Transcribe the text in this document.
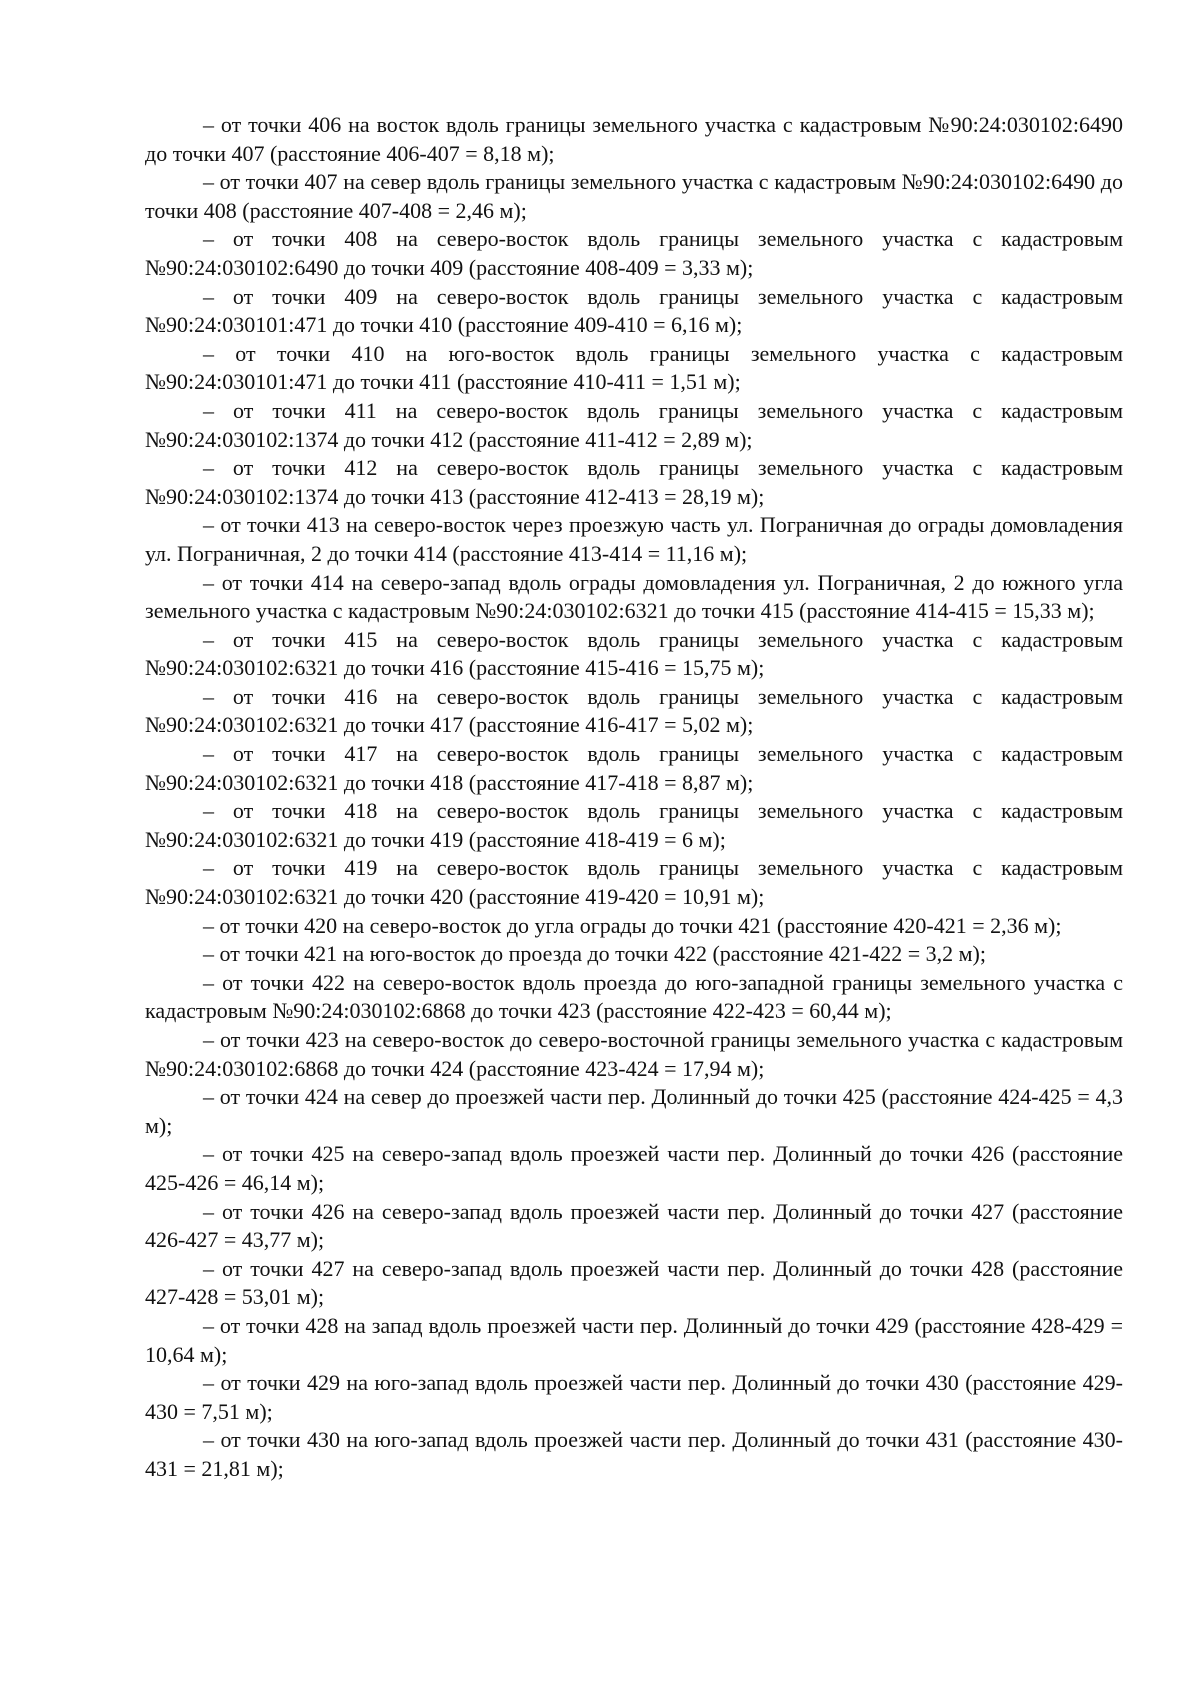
– от точки 406 на восток вдоль границы земельного участка с кадастровым №90:24:030102:6490 до точки 407 (расстояние 406-407 = 8,18 м);

– от точки 407 на север вдоль границы земельного участка с кадастровым №90:24:030102:6490 до точки 408 (расстояние 407-408 = 2,46 м);

– от точки 408 на северо-восток вдоль границы земельного участка с кадастровым №90:24:030102:6490 до точки 409 (расстояние 408-409 = 3,33 м);

– от точки 409 на северо-восток вдоль границы земельного участка с кадастровым №90:24:030101:471 до точки 410 (расстояние 409-410 = 6,16 м);

– от точки 410 на юго-восток вдоль границы земельного участка с кадастровым №90:24:030101:471 до точки 411 (расстояние 410-411 = 1,51 м);

– от точки 411 на северо-восток вдоль границы земельного участка с кадастровым №90:24:030102:1374 до точки 412 (расстояние 411-412 = 2,89 м);

– от точки 412 на северо-восток вдоль границы земельного участка с кадастровым №90:24:030102:1374 до точки 413 (расстояние 412-413 = 28,19 м);

– от точки 413 на северо-восток через проезжую часть ул. Пограничная до ограды домовладения ул. Пограничная, 2 до точки 414 (расстояние 413-414 = 11,16 м);

– от точки 414 на северо-запад вдоль ограды домовладения ул. Пограничная, 2 до южного угла земельного участка с кадастровым №90:24:030102:6321 до точки 415 (расстояние 414-415 = 15,33 м);

– от точки 415 на северо-восток вдоль границы земельного участка с кадастровым №90:24:030102:6321 до точки 416 (расстояние 415-416 = 15,75 м);

– от точки 416 на северо-восток вдоль границы земельного участка с кадастровым №90:24:030102:6321 до точки 417 (расстояние 416-417 = 5,02 м);

– от точки 417 на северо-восток вдоль границы земельного участка с кадастровым №90:24:030102:6321 до точки 418 (расстояние 417-418 = 8,87 м);

– от точки 418 на северо-восток вдоль границы земельного участка с кадастровым №90:24:030102:6321 до точки 419 (расстояние 418-419 = 6 м);

– от точки 419 на северо-восток вдоль границы земельного участка с кадастровым №90:24:030102:6321 до точки 420 (расстояние 419-420 = 10,91 м);

– от точки 420 на северо-восток до угла ограды до точки 421 (расстояние 420-421 = 2,36 м);

– от точки 421 на юго-восток до проезда до точки 422 (расстояние 421-422 = 3,2 м);

– от точки 422 на северо-восток вдоль проезда до юго-западной границы земельного участка с кадастровым №90:24:030102:6868 до точки 423 (расстояние 422-423 = 60,44 м);

– от точки 423 на северо-восток до северо-восточной границы земельного участка с кадастровым №90:24:030102:6868 до точки 424 (расстояние 423-424 = 17,94 м);

– от точки 424 на север до проезжей части пер. Долинный до точки 425 (расстояние 424-425 = 4,3 м);

– от точки 425 на северо-запад вдоль проезжей части пер. Долинный до точки 426 (расстояние 425-426 = 46,14 м);

– от точки 426 на северо-запад вдоль проезжей части пер. Долинный до точки 427 (расстояние 426-427 = 43,77 м);

– от точки 427 на северо-запад вдоль проезжей части пер. Долинный до точки 428 (расстояние 427-428 = 53,01 м);

– от точки 428 на запад вдоль проезжей части пер. Долинный до точки 429 (расстояние 428-429 = 10,64 м);

– от точки 429 на юго-запад вдоль проезжей части пер. Долинный до точки 430 (расстояние 429-430 = 7,51 м);

– от точки 430 на юго-запад вдоль проезжей части пер. Долинный до точки 431 (расстояние 430-431 = 21,81 м);
